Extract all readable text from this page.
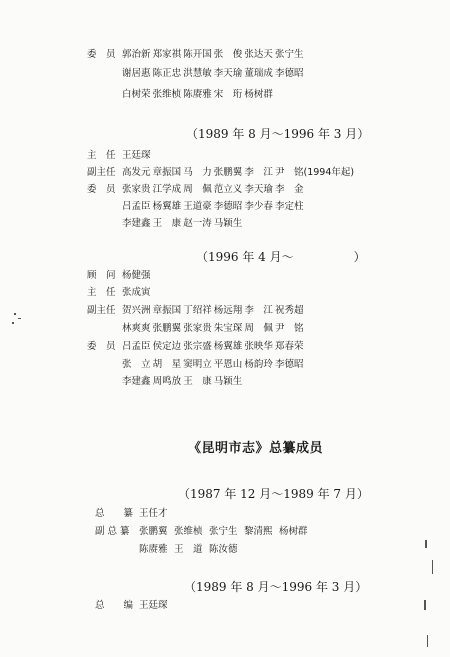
委　员 郭治新 郑家祺 陈开国 张　俊 张达天 张宁生
谢居惠 陈正忠 洪慧敏 李天瑜 董瑞成 李德昭
白树荣 张维桢 陈赓雅 宋　珩 杨树群
（1989 年 8 月～1996 年 3 月）
主　任 王廷琛
副主任 高发元 章振国 马　力 张鹏翼 李　江 尹　铭(1994年起)
委　员 张家贵 江学成 周　佩 范立义 李天瑜 李　金
吕孟臣 杨翼雄 王道豪 李德昭 李少春 李定柱
李建鑫 王　康 赵一涛 马颖生
（1996 年 4 月～　　　　　）
顾　问 杨健强
主　任 张成寅
副主任 贺兴洲 章振国 丁绍祥 杨远翔 李　江 祝秀超
林爽爽 张鹏翼 张家贵 朱宝琛 周　佩 尹　铭
委　员 吕孟臣 侯定边 张宗盛 杨翼雄 张映华 郑春荣
张　立 胡　星 窦明立 平恩山 杨韵玲 李德昭
李建鑫 周鸣放 王　康 马颖生
《昆明市志》总纂成员
（1987 年 12 月～1989 年 7 月）
总　　纂 王任才
副 总 纂 张鹏翼 张维桢 张宁生 黎清熙 杨树群
陈赓雅 王　道 陈汝德
（1989 年 8 月～1996 年 3 月）
总　　编 王廷琛
